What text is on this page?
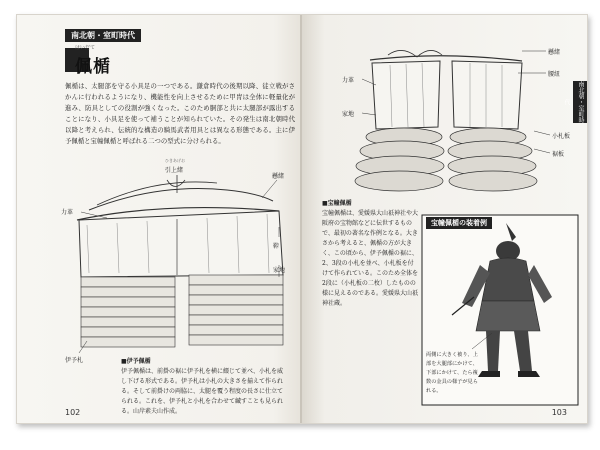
南北朝・室町時代
はいだて
佩楯
佩楯は、太腿部を守る小具足の一つである。鎌倉時代の後期以降、徒立戦がさかんに行われるようになり、機能性を向上させるために甲冑は全体に軽量化が進み、防具としての役割が強くなった。このため胴部と共に太腿部が露出することになり、小具足を使って補うことが知られていた。その発生は南北朝時代以降と考えられ、伝統的な構造の騎馬武者用具とは異なる形態である。主に伊予佩楯と宝幢佩楯と呼ばれる二つの型式に分けられる。
ひきあげお
引上緒
力革
懸緒
鞐
家地
伊予札	■伊予佩楯
伊予佩楯は、前掛の裾に伊予札を横に綴じて並べ、小札を威し下げる形式である。伊予札は小札の大きさを揃えて作られる。そして前掛けの両脇に、太腿を覆う程度の長さに仕立てられる。これを、伊予札と小札を合わせて縅すことも見られる。山岸素夫山作成。
102
南北朝・室町時代
懸緒
力革
腰紐
家地
小札板
裾板
■宝幢佩楯
宝幢佩楯は、愛媛県大山祇神社や大阪府の宝物館などに伝世するもので、最初の著名な作例となる。大きさから考えると、佩楯の方が大きく、この頃から、伊予佩楯の裾に、2、3段の小札を並べ、小札板を付けて作られている。このため全体を2段に（小札板の二枚）したものの様に見えるのである。愛媛県大山祇神社蔵。
宝幢佩楯の装着例
両側に大きく被り、上部を大腿部にかけて、下部にかけて、たら複数の金具の様子が見られる。
103
